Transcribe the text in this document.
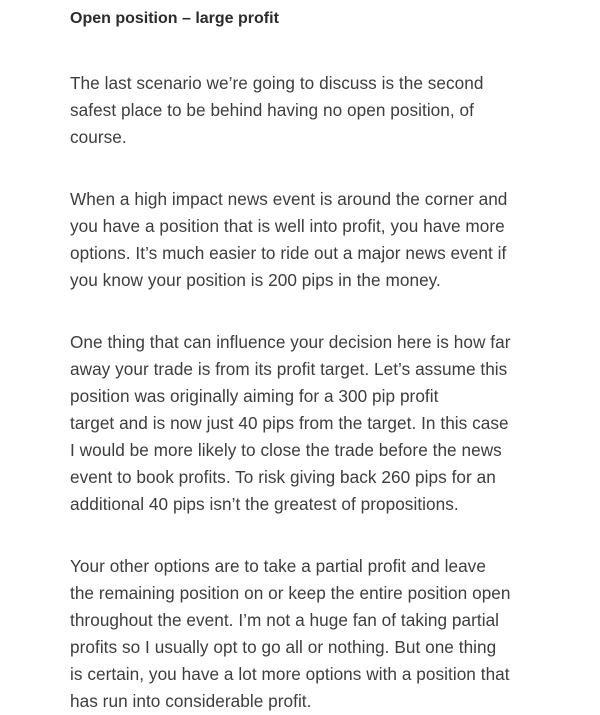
Open position – large profit

The last scenario we’re going to discuss is the second
safest place to be behind having no open position, of
course.

When a high impact news event is around the corner and
you have a position that is well into profit, you have more
options. It’s much easier to ride out a major news event if
you know your position is 200 pips in the money.

One thing that can influence your decision here is how far
away your trade is from its profit target. Let’s assume this
position was originally aiming for a 300 pip profit
target and is now just 40 pips from the target. In this case
I would be more likely to close the trade before the news
event to book profits. To risk giving back 260 pips for an
additional 40 pips isn’t the greatest of propositions.

Your other options are to take a partial profit and leave
the remaining position on or keep the entire position open
throughout the event. I’m not a huge fan of taking partial
profits so I usually opt to go all or nothing. But one thing
is certain, you have a lot more options with a position that
has run into considerable profit.
